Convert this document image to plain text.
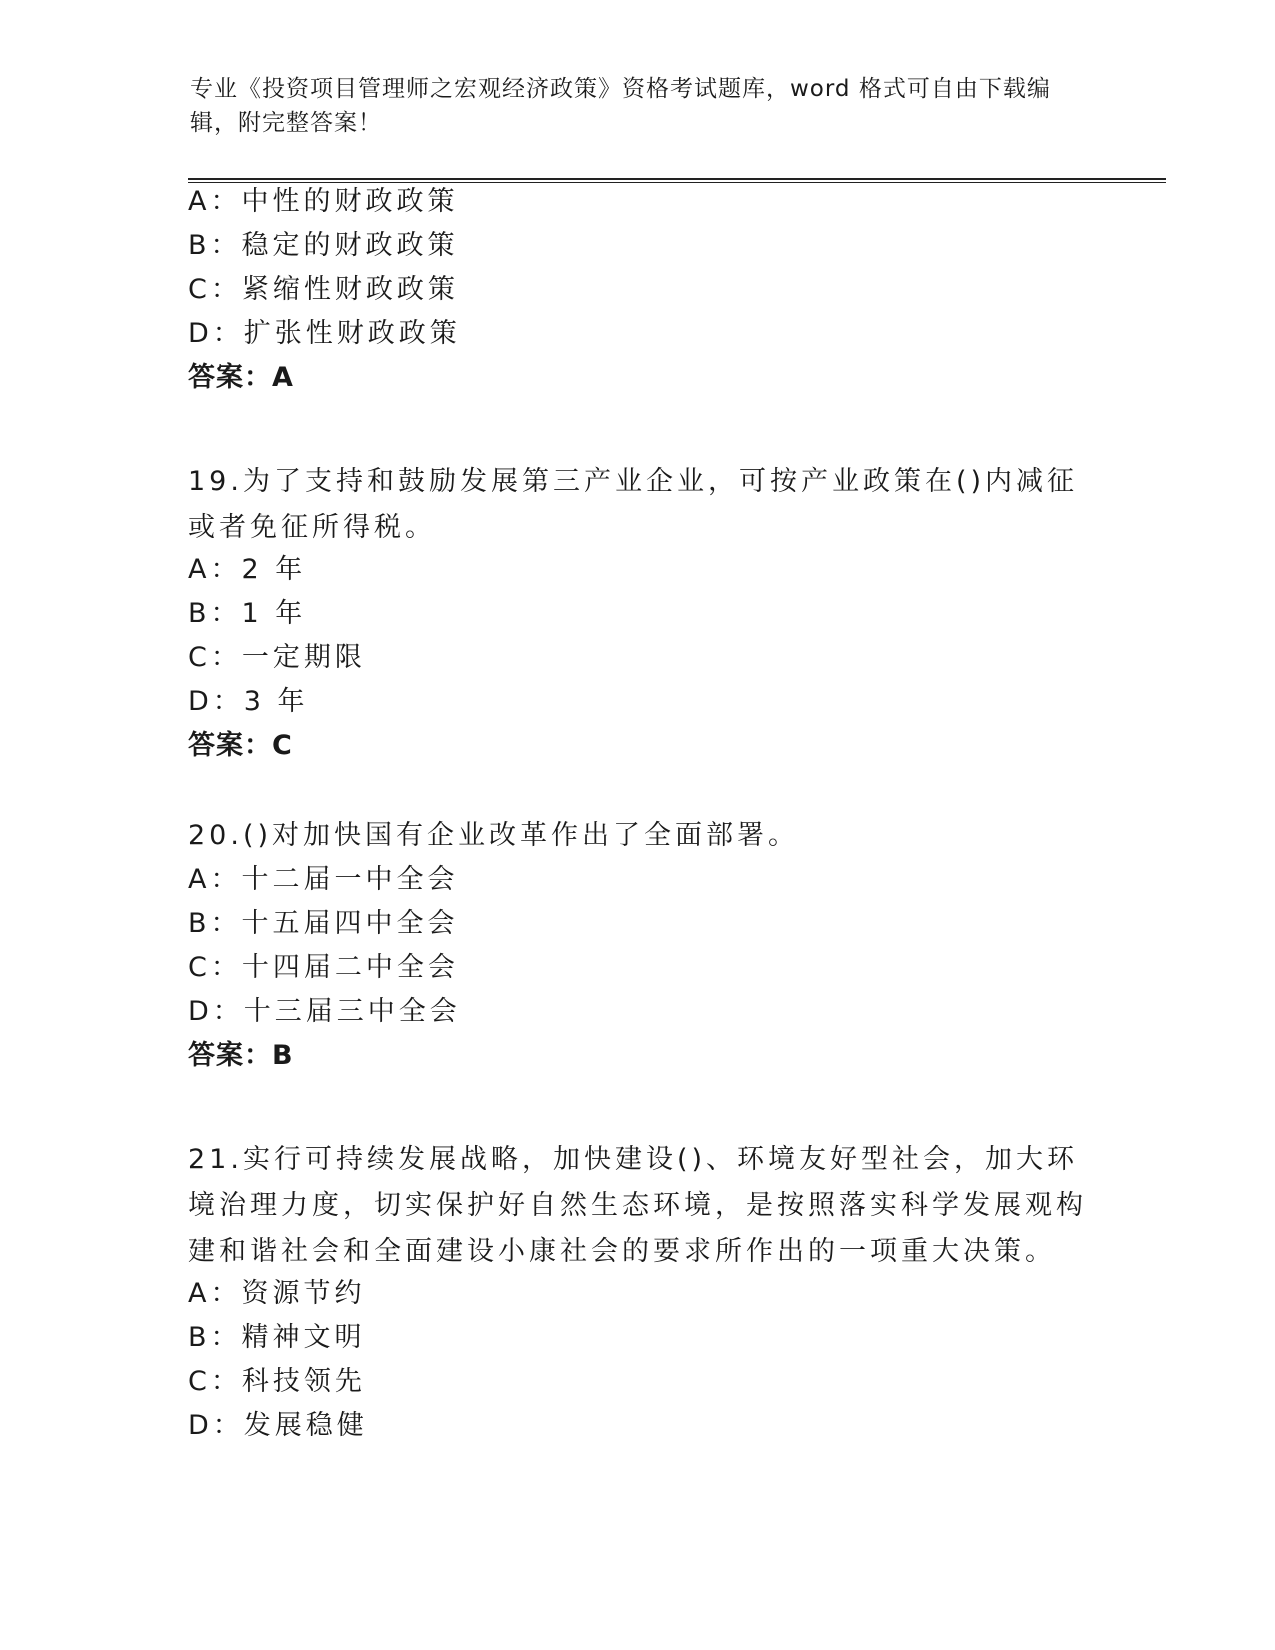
专业《投资项目管理师之宏观经济政策》资格考试题库，word 格式可自由下载编辑，附完整答案！
A：中性的财政政策
B：稳定的财政政策
C：紧缩性财政政策
D：扩张性财政政策
答案：A
19.为了支持和鼓励发展第三产业企业，可按产业政策在()内减征或者免征所得税。
A：2 年
B：1 年
C：一定期限
D：3 年
答案：C
20.()对加快国有企业改革作出了全面部署。
A：十二届一中全会
B：十五届四中全会
C：十四届二中全会
D：十三届三中全会
答案：B
21.实行可持续发展战略，加快建设()、环境友好型社会，加大环境治理力度，切实保护好自然生态环境，是按照落实科学发展观构建和谐社会和全面建设小康社会的要求所作出的一项重大决策。
A：资源节约
B：精神文明
C：科技领先
D：发展稳健
